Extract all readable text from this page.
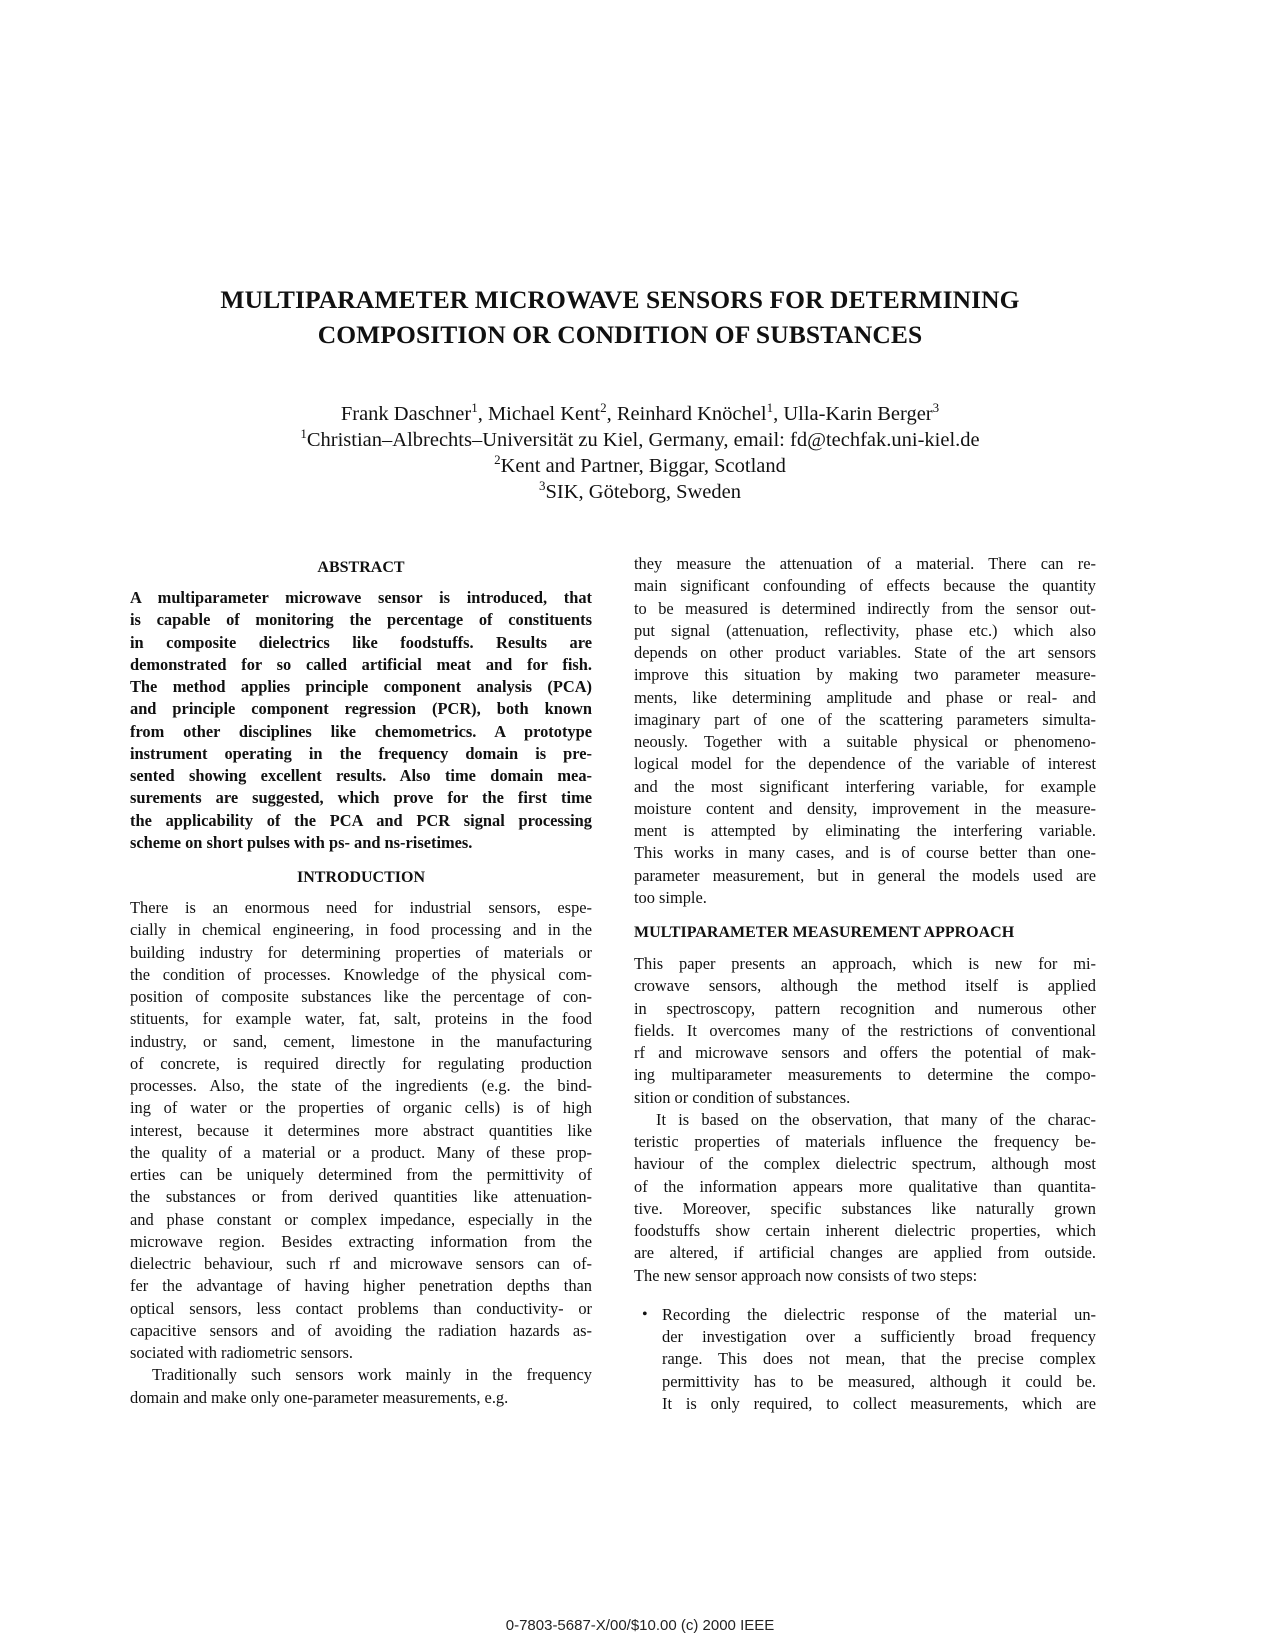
MULTIPARAMETER MICROWAVE SENSORS FOR DETERMINING
COMPOSITION OR CONDITION OF SUBSTANCES
Frank Daschner$^1$, Michael Kent$^2$, Reinhard Knöchel$^1$, Ulla-Karin Berger$^3$
$^1$Christian–Albrechts–Universität zu Kiel, Germany, email: fd@techfak.uni-kiel.de
$^2$Kent and Partner, Biggar, Scotland
$^3$SIK, Göteborg, Sweden
ABSTRACT
A multiparameter microwave sensor is introduced, that
is capable of monitoring the percentage of constituents
in composite dielectrics like foodstuffs. Results are
demonstrated for so called artificial meat and for fish.
The method applies principle component analysis (PCA)
and principle component regression (PCR), both known
from other disciplines like chemometrics. A prototype
instrument operating in the frequency domain is pre-
sented showing excellent results. Also time domain mea-
surements are suggested, which prove for the first time
the applicability of the PCA and PCR signal processing
scheme on short pulses with ps- and ns-risetimes.
INTRODUCTION
There is an enormous need for industrial sensors, espe-
cially in chemical engineering, in food processing and in the
building industry for determining properties of materials or
the condition of processes. Knowledge of the physical com-
position of composite substances like the percentage of con-
stituents, for example water, fat, salt, proteins in the food
industry, or sand, cement, limestone in the manufacturing
of concrete, is required directly for regulating production
processes. Also, the state of the ingredients (e.g. the bind-
ing of water or the properties of organic cells) is of high
interest, because it determines more abstract quantities like
the quality of a material or a product. Many of these prop-
erties can be uniquely determined from the permittivity of
the substances or from derived quantities like attenuation-
and phase constant or complex impedance, especially in the
microwave region. Besides extracting information from the
dielectric behaviour, such rf and microwave sensors can of-
fer the advantage of having higher penetration depths than
optical sensors, less contact problems than conductivity- or
capacitive sensors and of avoiding the radiation hazards as-
sociated with radiometric sensors.
Traditionally such sensors work mainly in the frequency
domain and make only one-parameter measurements, e.g.
they measure the attenuation of a material. There can re-
main significant confounding of effects because the quantity
to be measured is determined indirectly from the sensor out-
put signal (attenuation, reflectivity, phase etc.) which also
depends on other product variables. State of the art sensors
improve this situation by making two parameter measure-
ments, like determining amplitude and phase or real- and
imaginary part of one of the scattering parameters simulta-
neously. Together with a suitable physical or phenomeno-
logical model for the dependence of the variable of interest
and the most significant interfering variable, for example
moisture content and density, improvement in the measure-
ment is attempted by eliminating the interfering variable.
This works in many cases, and is of course better than one-
parameter measurement, but in general the models used are
too simple.
MULTIPARAMETER MEASUREMENT APPROACH
This paper presents an approach, which is new for mi-
crowave sensors, although the method itself is applied
in spectroscopy, pattern recognition and numerous other
fields. It overcomes many of the restrictions of conventional
rf and microwave sensors and offers the potential of mak-
ing multiparameter measurements to determine the compo-
sition or condition of substances.
It is based on the observation, that many of the charac-
teristic properties of materials influence the frequency be-
haviour of the complex dielectric spectrum, although most
of the information appears more qualitative than quantita-
tive. Moreover, specific substances like naturally grown
foodstuffs show certain inherent dielectric properties, which
are altered, if artificial changes are applied from outside.
The new sensor approach now consists of two steps:
• Recording the dielectric response of the material un-
der investigation over a sufficiently broad frequency
range. This does not mean, that the precise complex
permittivity has to be measured, although it could be.
It is only required, to collect measurements, which are
0-7803-5687-X/00/$10.00 (c) 2000 IEEE
